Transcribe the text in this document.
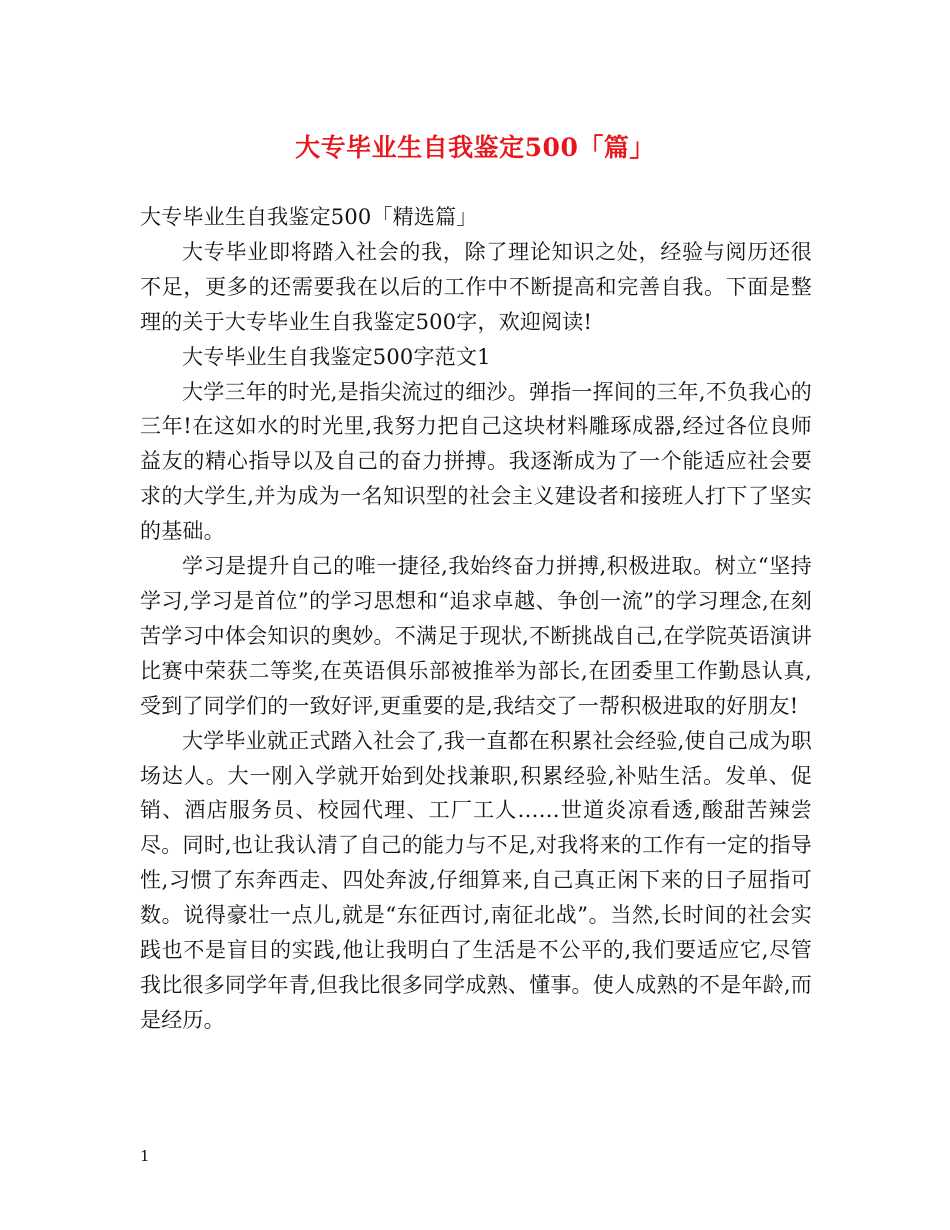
大专毕业生自我鉴定500「篇」

大专毕业生自我鉴定500「精选篇」

大专毕业即将踏入社会的我，除了理论知识之处，经验与阅历还很不足，更多的还需要我在以后的工作中不断提高和完善自我。下面是整理的关于大专毕业生自我鉴定500字，欢迎阅读!

大专毕业生自我鉴定500字范文1

大学三年的时光,是指尖流过的细沙。弹指一挥间的三年,不负我心的三年!在这如水的时光里,我努力把自己这块材料雕琢成器,经过各位良师益友的精心指导以及自己的奋力拼搏。我逐渐成为了一个能适应社会要求的大学生,并为成为一名知识型的社会主义建设者和接班人打下了坚实的基础。

学习是提升自己的唯一捷径,我始终奋力拼搏,积极进取。树立“坚持学习,学习是首位”的学习思想和“追求卓越、争创一流”的学习理念,在刻苦学习中体会知识的奥妙。不满足于现状,不断挑战自己,在学院英语演讲比赛中荣获二等奖,在英语俱乐部被推举为部长,在团委里工作勤恳认真,受到了同学们的一致好评,更重要的是,我结交了一帮积极进取的好朋友!

大学毕业就正式踏入社会了,我一直都在积累社会经验,使自己成为职场达人。大一刚入学就开始到处找兼职,积累经验,补贴生活。发单、促销、酒店服务员、校园代理、工厂工人……世道炎凉看透,酸甜苦辣尝尽。同时,也让我认清了自己的能力与不足,对我将来的工作有一定的指导性,习惯了东奔西走、四处奔波,仔细算来,自己真正闲下来的日子屈指可数。说得豪壮一点儿,就是“东征西讨,南征北战”。当然,长时间的社会实践也不是盲目的实践,他让我明白了生活是不公平的,我们要适应它,尽管我比很多同学年青,但我比很多同学成熟、懂事。使人成熟的不是年龄,而是经历。

1
